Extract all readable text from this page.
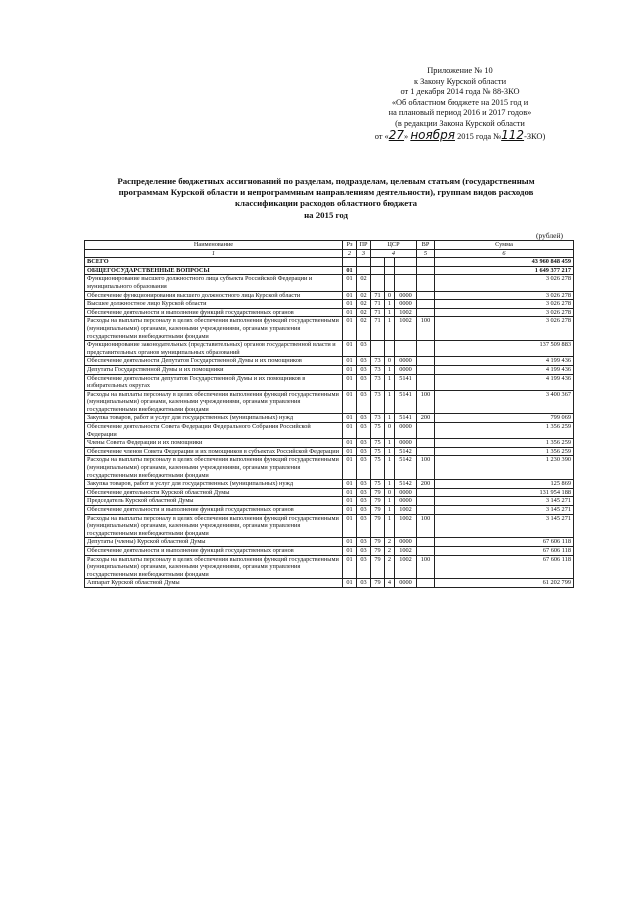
Приложение № 10
к Закону Курской области
от 1 декабря 2014 года № 88-ЗКО
«Об областном бюджете на 2015 год и
на плановый период 2016 и 2017 годов»
(в редакции Закона Курской области
от «27» ноября 2015 года №112-ЗКО)
Распределение бюджетных ассигнований по разделам, подразделам, целевым статьям (государственным
программам Курской области и непрограммным направлениям деятельности), группам видов расходов
классификации расходов областного бюджета
на 2015 год
(рублей)
Наименование	Рз	ПР	ЦСР			ВР	Сумма
1	2	3	4			5	6
ВСЕГО							43 960 848 459
ОБЩЕГОСУДАРСТВЕННЫЕ ВОПРОСЫ	01						1 649 377 217
Функционирование высшего должностного лица субъекта Российской Федерации и муниципального образования	01	02					3 026 278
Обеспечение функционирования высшего должностного лица Курской области	01	02	71	0	0000		3 026 278
Высшее должностное лицо Курской области	01	02	71	1	0000		3 026 278
Обеспечение деятельности и выполнение функций государственных органов	01	02	71	1	1002		3 026 278
Расходы на выплаты персоналу в целях обеспечения выполнения функций государственными (муниципальными) органами, казенными учреждениями, органами управления государственными внебюджетными фондами	01	02	71	1	1002	100	3 026 278
Функционирование законодательных (представительных) органов государственной власти и представительных органов муниципальных образований	01	03					137 509 883
Обеспечение деятельности Депутатов Государственной Думы и их помощников	01	03	73	0	0000		4 199 436
Депутаты Государственной Думы и их помощники	01	03	73	1	0000		4 199 436
Обеспечение деятельности депутатов Государственной Думы и их помощников в избирательных округах	01	03	73	1	5141		4 199 436
Расходы на выплаты персоналу в целях обеспечения выполнения функций государственными (муниципальными) органами, казенными учреждениями, органами управления государственными внебюджетными фондами	01	03	73	1	5141	100	3 400 367
Закупка товаров, работ и услуг для государственных (муниципальных) нужд	01	03	73	1	5141	200	799 069
Обеспечение деятельности Совета Федерации Федерального Собрания Российской Федерации	01	03	75	0	0000		1 356 259
Члены Совета Федерации и их помощники	01	03	75	1	0000		1 356 259
Обеспечение членов Совета Федерации и их помощников в субъектах Российской Федерации	01	03	75	1	5142		1 356 259
Расходы на выплаты персоналу в целях обеспечения выполнения функций государственными (муниципальными) органами, казенными учреждениями, органами управления государственными внебюджетными фондами	01	03	75	1	5142	100	1 230 390
Закупка товаров, работ и услуг для государственных (муниципальных) нужд	01	03	75	1	5142	200	125 869
Обеспечение деятельности Курской областной Думы	01	03	79	0	0000		131 954 188
Председатель Курской областной Думы	01	03	79	1	0000		3 145 271
Обеспечение деятельности и выполнение функций государственных органов	01	03	79	1	1002		3 145 271
Расходы на выплаты персоналу в целях обеспечения выполнения функций государственными (муниципальными) органами, казенными учреждениями, органами управления государственными внебюджетными фондами	01	03	79	1	1002	100	3 145 271
Депутаты (члены) Курской областной Думы	01	03	79	2	0000		67 606 118
Обеспечение деятельности и выполнение функций государственных органов	01	03	79	2	1002		67 606 118
Расходы на выплаты персоналу в целях обеспечения выполнения функций государственными (муниципальными) органами, казенными учреждениями, органами управления государственными внебюджетными фондами	01	03	79	2	1002	100	67 606 118
Аппарат Курской областной Думы	01	03	79	4	0000		61 202 799
